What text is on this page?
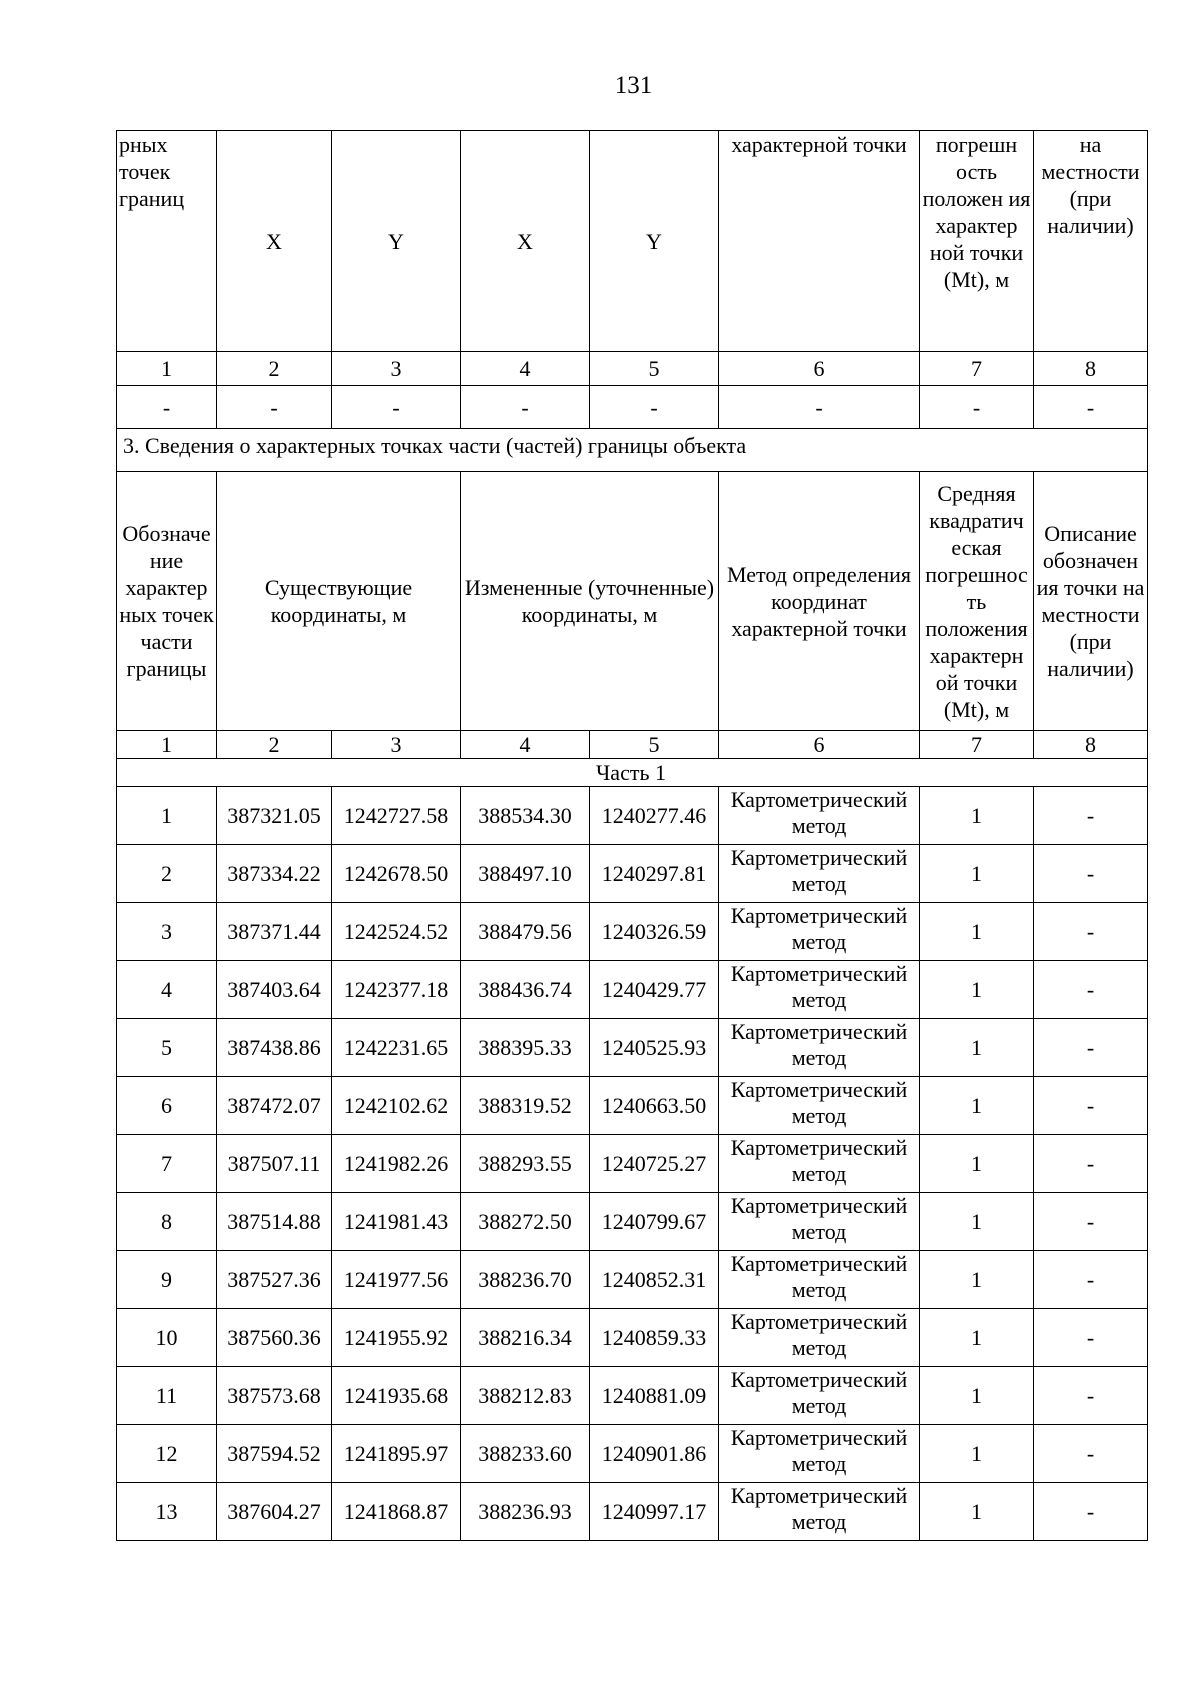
131
рных точек границ	X	Y	X	Y	характерной точки	погрешн ость положен ия характер ной точки (Mt), м	на местности (при наличии)
1	2	3	4	5	6	7	8
-	-	-	-	-	-	-	-
3. Сведения о характерных точках части (частей) границы объекта							
Обозначе ние характер ных точек части границы	Существующие координаты, м		Измененные (уточненные) координаты, м		Метод определения координат характерной точки	Средняя квадратич еская погрешнос ть положения характерн ой точки (Mt), м	Описание обозначен ия точки на местности (при наличии)
1	2	3	4	5	6	7	8
Часть 1							
1	387321.05	1242727.58	388534.30	1240277.46	Картометрический метод	1	-
2	387334.22	1242678.50	388497.10	1240297.81	Картометрический метод	1	-
3	387371.44	1242524.52	388479.56	1240326.59	Картометрический метод	1	-
4	387403.64	1242377.18	388436.74	1240429.77	Картометрический метод	1	-
5	387438.86	1242231.65	388395.33	1240525.93	Картометрический метод	1	-
6	387472.07	1242102.62	388319.52	1240663.50	Картометрический метод	1	-
7	387507.11	1241982.26	388293.55	1240725.27	Картометрический метод	1	-
8	387514.88	1241981.43	388272.50	1240799.67	Картометрический метод	1	-
9	387527.36	1241977.56	388236.70	1240852.31	Картометрический метод	1	-
10	387560.36	1241955.92	388216.34	1240859.33	Картометрический метод	1	-
11	387573.68	1241935.68	388212.83	1240881.09	Картометрический метод	1	-
12	387594.52	1241895.97	388233.60	1240901.86	Картометрический метод	1	-
13	387604.27	1241868.87	388236.93	1240997.17	Картометрический метод	1	-
